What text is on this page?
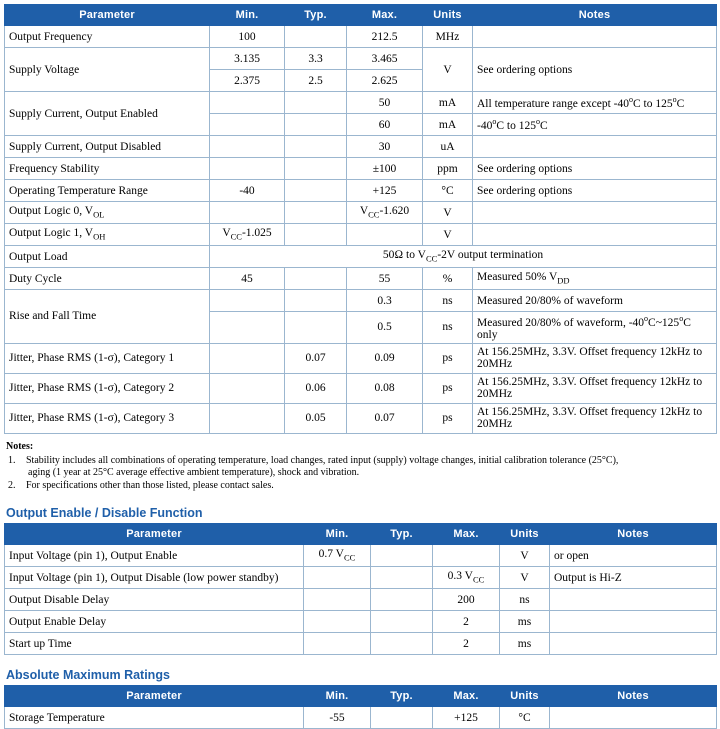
Parameter	Min.	Typ.	Max.	Units	Notes
Output Frequency	100		212.5	MHz	
Supply Voltage	3.135	3.3	3.465	V	See ordering options
	2.375	2.5	2.625		
Supply Current, Output Enabled			50	mA	All temperature range except -40$^o$C to 125$^o$C
			60	mA	-40$^o$C to 125$^o$C
Supply Current, Output Disabled			30	uA	
Frequency Stability			±100	ppm	See ordering options
Operating Temperature Range	-40		+125	°C	See ordering options
Output Logic 0, $V_{OL}$			$V_{CC}-1.620$	V	
Output Logic 1, $V_{OH}$	$V_{CC}-1.025$			V	
Output Load	50Ω to $V_{CC}-2V$ output termination				
Duty Cycle	45		55	%	Measured 50% $V_{DD}$
Rise and Fall Time			0.3	ns	Measured 20/80% of waveform
			0.5	ns	Measured 20/80% of waveform, -40$^o$C~125$^o$C only
Jitter, Phase RMS (1-σ), Category 1		0.07	0.09	ps	At 156.25MHz, 3.3V. Offset frequency 12kHz to 20MHz
Jitter, Phase RMS (1-σ), Category 2		0.06	0.08	ps	At 156.25MHz, 3.3V. Offset frequency 12kHz to 20MHz
Jitter, Phase RMS (1-σ), Category 3		0.05	0.07	ps	At 156.25MHz, 3.3V. Offset frequency 12kHz to 20MHz
Notes:
1.	Stability includes all combinations of operating temperature, load changes, rated input (supply) voltage changes, initial calibration tolerance (25°C),
aging (1 year at 25°C average effective ambient temperature), shock and vibration.
2.	For specifications other than those listed, please contact sales.
Output Enable / Disable Function
Parameter	Min.	Typ.	Max.	Units	Notes
Input Voltage (pin 1), Output Enable	0.7 $V_{CC}$			V	or open
Input Voltage (pin 1), Output Disable (low power standby)			0.3 $V_{CC}$	V	Output is Hi-Z
Output Disable Delay			200	ns	
Output Enable Delay			2	ms	
Start up Time			2	ms	
Absolute Maximum Ratings
Parameter	Min.	Typ.	Max.	Units	Notes
Storage Temperature	-55		+125	°C	
